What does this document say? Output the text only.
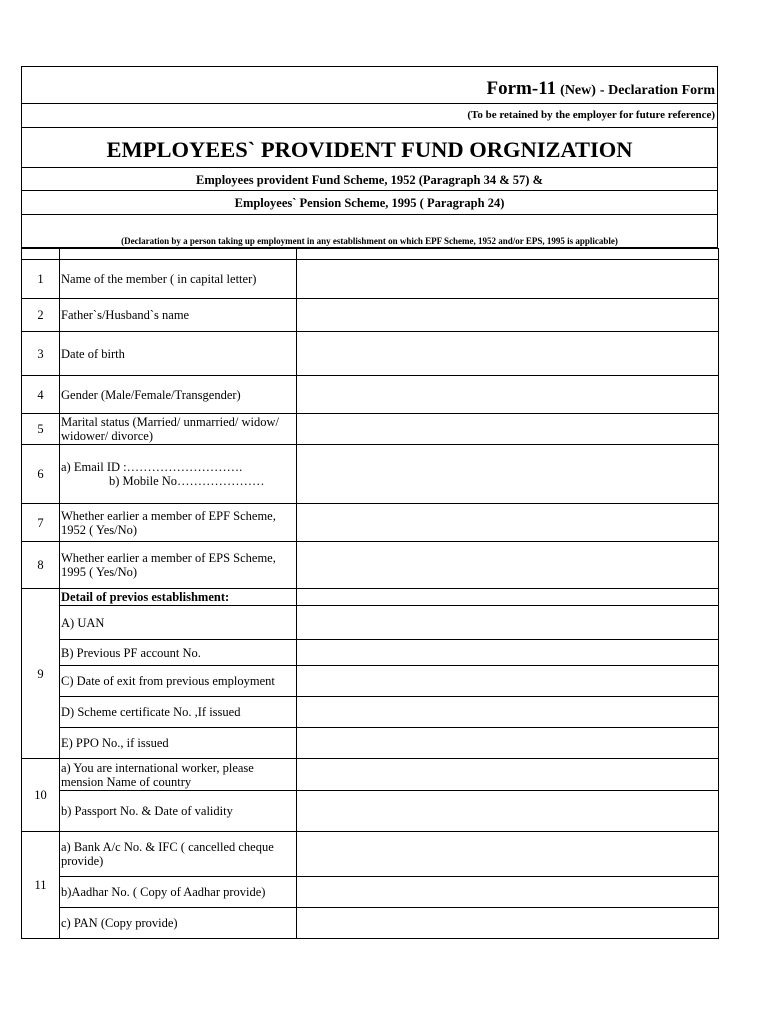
Form-11 (New) - Declaration Form
(To be retained by the employer for future reference)
EMPLOYEES` PROVIDENT FUND ORGNIZATION
Employees provident Fund Scheme, 1952 (Paragraph 34 & 57) &
Employees` Pension Scheme, 1995 ( Paragraph 24)
(Declaration by a person taking up employment in any establishment on which EPF Scheme, 1952 and/or EPS, 1995 is applicable)

1	Name of the member ( in capital letter)	
2	Father`s/Husband`s name	
3	Date of birth	
4	Gender (Male/Female/Transgender)	
5	Marital status (Married/ unmarried/ widow/ widower/ divorce)	
6	a) Email ID :……………………….
b) Mobile No…………………	

7	Whether earlier a member of EPF Scheme, 1952 ( Yes/No)	
8	Whether earlier a member of EPS Scheme, 1995 ( Yes/No)	
9	Detail of previos establishment:	
	A) UAN	
	B) Previous PF account No.	
	C) Date of exit from previous employment	
	D) Scheme certificate No. ,If issued	
	E) PPO No., if issued	
10	a) You are international worker, please mension Name of country	
	b) Passport No. & Date of validity	
11	a) Bank A/c No. & IFC ( cancelled cheque provide)	
	b)Aadhar No. ( Copy of Aadhar provide)	
	c) PAN (Copy provide)	
